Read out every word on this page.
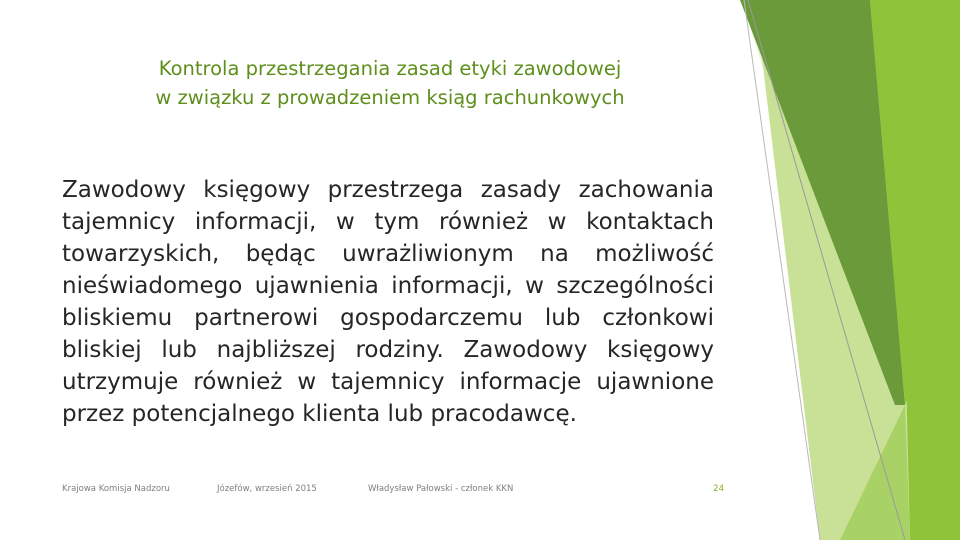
Kontrola przestrzegania zasad etyki zawodowej
w związku z prowadzeniem ksiąg rachunkowych
Zawodowy księgowy przestrzega zasady zachowania tajemnicy informacji, w tym również w kontaktach towarzyskich, będąc uwrażliwionym na możliwość nieświadomego ujawnienia informacji, w szczególności bliskiemu partnerowi gospodarczemu lub członkowi bliskiej lub najbliższej rodziny. Zawodowy księgowy utrzymuje również w tajemnicy informacje ujawnione przez potencjalnego klienta lub pracodawcę.
Krajowa Komisja Nadzoru	Józefów, wrzesień 2015	Władysław Pałowski - członek KKN	24
